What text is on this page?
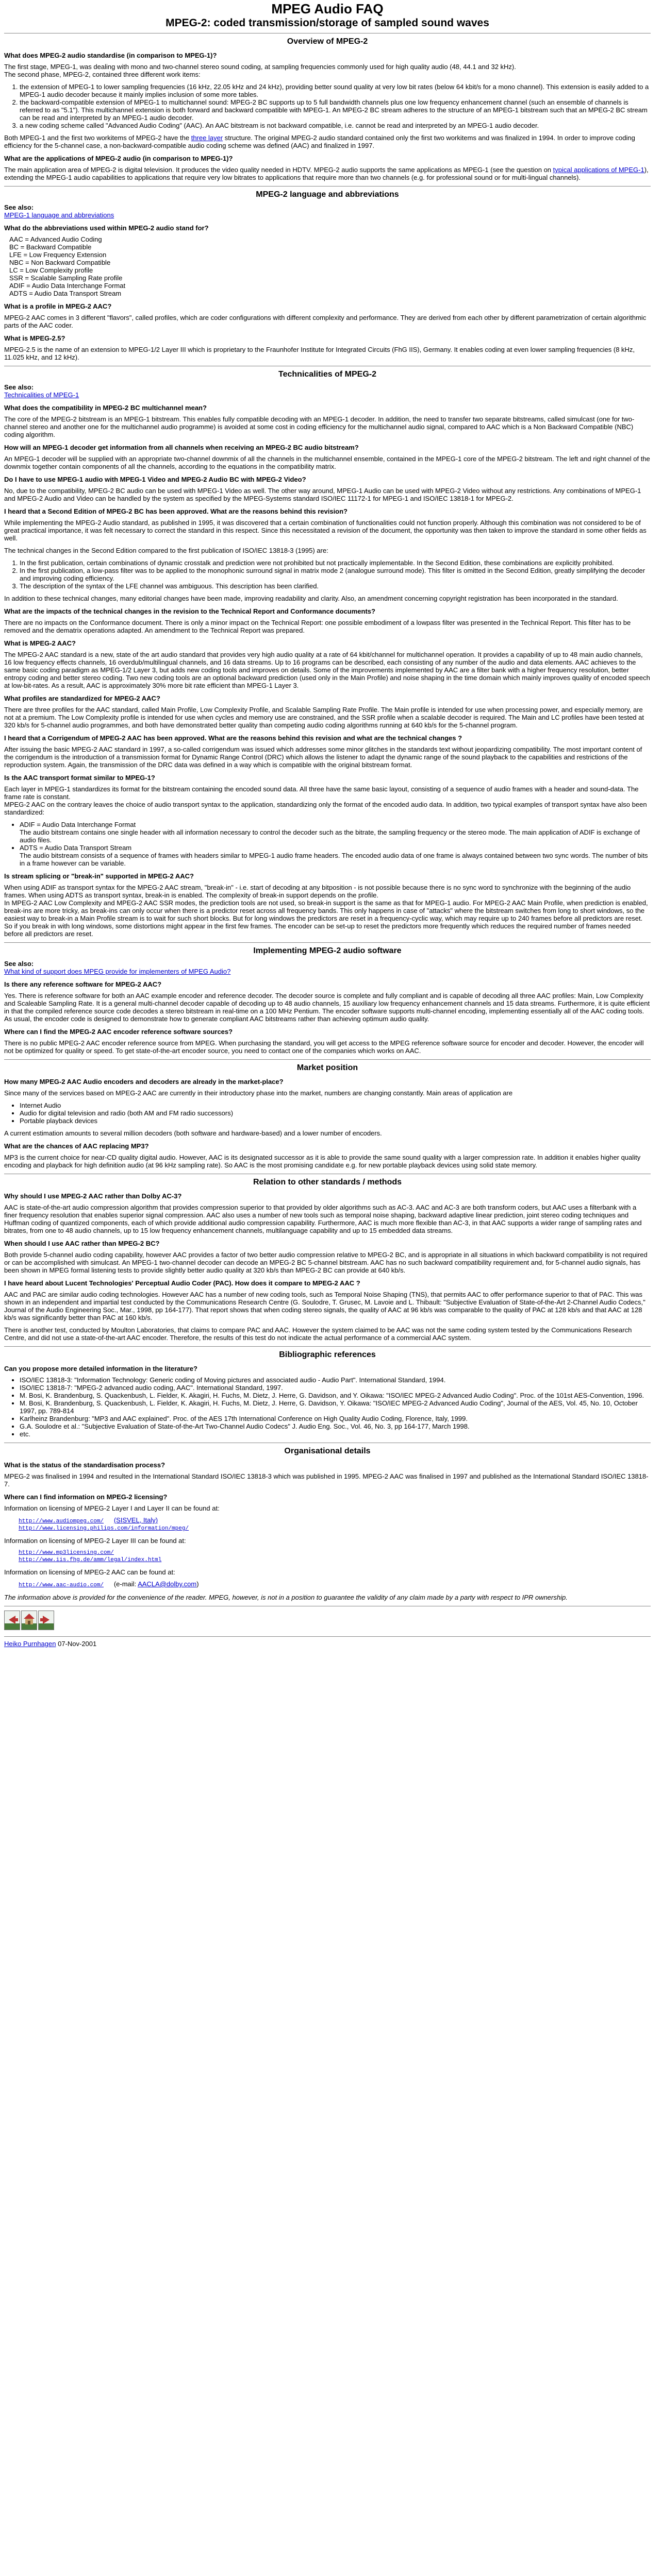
MPEG Audio FAQ
MPEG-2: coded transmission/storage of sampled sound waves
Overview of MPEG-2
What does MPEG-2 audio standardise (in comparison to MPEG-1)?

The first stage, MPEG-1, was dealing with mono and two-channel stereo sound coding, at sampling frequencies commonly used for high quality audio (48, 44.1 and 32 kHz).
The second phase, MPEG-2, contained three different work items:

1. the extension of MPEG-1 to lower sampling frequencies (16 kHz, 22.05 kHz and 24 kHz), providing better sound quality at very low bit rates (below 64 kbit/s for a mono channel). This extension is easily added to a MPEG-1 audio decoder because it mainly implies inclusion of some more tables.
2. the backward-compatible extension of MPEG-1 to multichannel sound: MPEG-2 BC supports up to 5 full bandwidth channels plus one low frequency enhancement channel (such an ensemble of channels is referred to as "5.1"). This multichannel extension is both forward and backward compatible with MPEG-1. An MPEG-2 BC stream adheres to the structure of an MPEG-1 bitstream such that an MPEG-2 BC stream can be read and interpreted by an MPEG-1 audio decoder.
3. a new coding scheme called "Advanced Audio Coding" (AAC). An AAC bitstream is not backward compatible, i.e. cannot be read and interpreted by an MPEG-1 audio decoder.

Both MPEG-1 and the first two workitems of MPEG-2 have the three layer structure. The original MPEG-2 audio standard contained only the first two workitems and was finalized in 1994. In order to improve coding efficiency for the 5-channel case, a non-backward-compatible audio coding scheme was defined (AAC) and finalized in 1997.

What are the applications of MPEG-2 audio (in comparison to MPEG-1)?

The main application area of MPEG-2 is digital television. It produces the video quality needed in HDTV. MPEG-2 audio supports the same applications as MPEG-1 (see the question on typical applications of MPEG-1), extending the MPEG-1 audio capabilities to applications that require very low bitrates to applications that require more than two channels (e.g. for professional sound or for multi-lingual channels).

MPEG-2 language and abbreviations

See also:
MPEG-1 language and abbreviations

What do the abbreviations used within MPEG-2 audio stand for?
AAC = Advanced Audio Coding
BC = Backward Compatible
LFE = Low Frequency Extension
NBC = Non Backward Compatible
LC = Low Complexity profile
SSR = Scalable Sampling Rate profile
ADIF = Audio Data Interchange Format
ADTS = Audio Data Transport Stream
What is a profile in MPEG-2 AAC?

MPEG-2 AAC comes in 3 different "flavors", called profiles, which are coder configurations with different complexity and performance. They are derived from each other by different parametrization of certain algorithmic parts of the AAC coder.

What is MPEG-2.5?

MPEG-2.5 is the name of an extension to MPEG-1/2 Layer III which is proprietary to the Fraunhofer Institute for Integrated Circuits (FhG IIS), Germany. It enables coding at even lower sampling frequencies (8 kHz, 11.025 kHz, and 12 kHz).

Technicalities of MPEG-2

See also:
Technicalities of MPEG-1

What does the compatibility in MPEG-2 BC multichannel mean?

The core of the MPEG-2 bitstream is an MPEG-1 bitstream. This enables fully compatible decoding with an MPEG-1 decoder. In addition, the need to transfer two separate bitstreams, called simulcast (one for two-channel stereo and another one for the multichannel audio programme) is avoided at some cost in coding efficiency for the multichannel audio signal, compared to AAC which is a Non Backward Compatible (NBC) coding algorithm.

How will an MPEG-1 decoder get information from all channels when receiving an MPEG-2 BC audio bitstream?

An MPEG-1 decoder will be supplied with an appropriate two-channel downmix of all the channels in the multichannel ensemble, contained in the MPEG-1 core of the MPEG-2 bitstream. The left and right channel of the downmix together contain components of all the channels, according to the equations in the compatibility matrix.

Do I have to use MPEG-1 audio with MPEG-1 Video and MPEG-2 Audio BC with MPEG-2 Video?

No, due to the compatibility, MPEG-2 BC audio can be used with MPEG-1 Video as well. The other way around, MPEG-1 Audio can be used with MPEG-2 Video without any restrictions. Any combinations of MPEG-1 and MPEG-2 Audio and Video can be handled by the system as specified by the MPEG-Systems standard ISO/IEC 11172-1 for MPEG-1 and ISO/IEC 13818-1 for MPEG-2.

I heard that a Second Edition of MPEG-2 BC has been approved. What are the reasons behind this revision?

While implementing the MPEG-2 Audio standard, as published in 1995, it was discovered that a certain combination of functionalities could not function properly. Although this combination was not considered to be of great practical importance, it was felt necessary to correct the standard in this respect. Since this necessitated a revision of the document, the opportunity was then taken to improve the standard in some other fields as well.

The technical changes in the Second Edition compared to the first publication of ISO/IEC 13818-3 (1995) are:

1. In the first publication, certain combinations of dynamic crosstalk and prediction were not prohibited but not practically implementable. In the Second Edition, these combinations are explicitly prohibited.
2. In the first publication, a low-pass filter was to be applied to the monophonic surround signal in matrix mode 2 (analogue surround mode). This filter is omitted in the Second Edition, greatly simplifying the decoder and improving coding efficiency.
3. The description of the syntax of the LFE channel was ambiguous. This description has been clarified.

In addition to these technical changes, many editorial changes have been made, improving readability and clarity. Also, an amendment concerning copyright registration has been incorporated in the standard.

What are the impacts of the technical changes in the revision to the Technical Report and Conformance documents?

There are no impacts on the Conformance document. There is only a minor impact on the Technical Report: one possible embodiment of a lowpass filter was presented in the Technical Report. This filter has to be removed and the dematrix operations adapted. An amendment to the Technical Report was prepared.

What is MPEG-2 AAC?

The MPEG-2 AAC standard is a new, state of the art audio standard that provides very high audio quality at a rate of 64 kbit/channel for multichannel operation. It provides a capability of up to 48 main audio channels, 16 low frequency effects channels, 16 overdub/multilingual channels, and 16 data streams. Up to 16 programs can be described, each consisting of any number of the audio and data elements. AAC achieves to the same basic coding paradigm as MPEG-1/2 Layer 3, but adds new coding tools and improves on details. Some of the improvements implemented by AAC are a filter bank with a higher frequency resolution, better entropy coding and better stereo coding. Two new coding tools are an optional backward prediction (used only in the Main Profile) and noise shaping in the time domain which mainly improves quality of encoded speech at low-bit-rates. As a result, AAC is approximately 30% more bit rate efficient than MPEG-1 Layer 3.

What profiles are standardized for MPEG-2 AAC?

There are three profiles for the AAC standard, called Main Profile, Low Complexity Profile, and Scalable Sampling Rate Profile. The Main profile is intended for use when processing power, and especially memory, are not at a premium. The Low Complexity profile is intended for use when cycles and memory use are constrained, and the SSR profile when a scalable decoder is required. The Main and LC profiles have been tested at 320 kb/s for 5-channel audio programmes, and both have demonstrated better quality than competing audio coding algorithms running at 640 kb/s for the 5-channel program.

I heard that a Corrigendum of MPEG-2 AAC has been approved. What are the reasons behind this revision and what are the technical changes ?

After issuing the basic MPEG-2 AAC standard in 1997, a so-called corrigendum was issued which addresses some minor glitches in the standards text without jeopardizing compatibility. The most important content of the corrigendum is the introduction of a transmission format for Dynamic Range Control (DRC) which allows the listener to adapt the dynamic range of the sound playback to the capabilities and restrictions of the reproduction system. Again, the transmission of the DRC data was defined in a way which is compatible with the original bitstream format.

Is the AAC transport format similar to MPEG-1?

Each layer in MPEG-1 standardizes its format for the bitstream containing the encoded sound data. All three have the same basic layout, consisting of a sequence of audio frames with a header and sound-data. The frame rate is constant.
MPEG-2 AAC on the contrary leaves the choice of audio transport syntax to the application, standardizing only the format of the encoded audio data. In addition, two typical examples of transport syntax have also been standardized:

• ADIF = Audio Data Interchange Format
The audio bitstream contains one single header with all information necessary to control the decoder such as the bitrate, the sampling frequency or the stereo mode. The main application of ADIF is exchange of audio files.
• ADTS = Audio Data Transport Stream
The audio bitstream consists of a sequence of frames with headers similar to MPEG-1 audio frame headers. The encoded audio data of one frame is always contained between two sync words. The number of bits in a frame however can be variable.
Is stream splicing or "break-in" supported in MPEG-2 AAC?

When using ADIF as transport syntax for the MPEG-2 AAC stream, "break-in" - i.e. start of decoding at any bitposition - is not possible because there is no sync word to synchronize with the beginning of the audio frames. When using ADTS as transport syntax, break-in is enabled. The complexity of break-in support depends on the profile.
In MPEG-2 AAC Low Complexity and MPEG-2 AAC SSR modes, the prediction tools are not used, so break-in support is the same as that for MPEG-1 audio. For MPEG-2 AAC Main Profile, when prediction is enabled, break-ins are more tricky, as break-ins can only occur when there is a predictor reset across all frequency bands. This only happens in case of "attacks" where the bitstream switches from long to short windows, so the easiest way to break-in a Main Profile stream is to wait for such short blocks. But for long windows the predictors are reset in a frequency-cyclic way, which may require up to 240 frames before all predictors are reset. So if you break in with long windows, some distortions might appear in the first few frames. The encoder can be set-up to reset the predictors more frequently which reduces the required number of frames needed before all predictors are reset.

Implementing MPEG-2 audio software

See also:
What kind of support does MPEG provide for implementers of MPEG Audio?

Is there any reference software for MPEG-2 AAC?

Yes. There is reference software for both an AAC example encoder and reference decoder. The decoder source is complete and fully compliant and is capable of decoding all three AAC profiles: Main, Low Complexity and Scaleable Sampling Rate. It is a general multi-channel decoder capable of decoding up to 48 audio channels, 15 auxiliary low frequency enhancement channels and 15 data streams. Furthermore, it is quite efficient in that the compiled reference source code decodes a stereo bitstream in real-time on a 100 MHz Pentium. The encoder software supports multi-channel encoding, implementing essentially all of the AAC coding tools. As usual, the encoder code is designed to demonstrate how to generate compliant AAC bitstreams rather than achieving optimum audio quality.

Where can I find the MPEG-2 AAC encoder reference software sources?

There is no public MPEG-2 AAC encoder reference source from MPEG. When purchasing the standard, you will get access to the MPEG reference software source for encoder and decoder. However, the encoder will not be optimized for quality or speed. To get state-of-the-art encoder source, you need to contact one of the companies which works on AAC.

Market position
How many MPEG-2 AAC Audio encoders and decoders are already in the market-place?

Since many of the services based on MPEG-2 AAC are currently in their introductory phase into the market, numbers are changing constantly. Main areas of application are

• Internet Audio
• Audio for digital television and radio (both AM and FM radio successors)
• Portable playback devices

A current estimation amounts to several million decoders (both software and hardware-based) and a lower number of encoders.

What are the chances of AAC replacing MP3?

MP3 is the current choice for near-CD quality digital audio. However, AAC is its designated successor as it is able to provide the same sound quality with a larger compression rate. In addition it enables higher quality encoding and playback for high definition audio (at 96 kHz sampling rate). So AAC is the most promising candidate e.g. for new portable playback devices using solid state memory.

Relation to other standards / methods
Why should I use MPEG-2 AAC rather than Dolby AC-3?

AAC is state-of-the-art audio compression algorithm that provides compression superior to that provided by older algorithms such as AC-3. AAC and AC-3 are both transform coders, but AAC uses a filterbank with a finer frequency resolution that enables superior signal compression. AAC also uses a number of new tools such as temporal noise shaping, backward adaptive linear prediction, joint stereo coding techniques and Huffman coding of quantized components, each of which provide additional audio compression capability. Furthermore, AAC is much more flexible than AC-3, in that AAC supports a wider range of sampling rates and bitrates, from one to 48 audio channels, up to 15 low frequency enhancement channels, multilanguage capability and up to 15 embedded data streams.

When should I use AAC rather than MPEG-2 BC?

Both provide 5-channel audio coding capability, however AAC provides a factor of two better audio compression relative to MPEG-2 BC, and is appropriate in all situations in which backward compatibility is not required or can be accomplished with simulcast. An MPEG-1 two-channel decoder can decode an MPEG-2 BC 5-channel bitstream. AAC has no such backward compatibility requirement and, for 5-channel audio signals, has been shown in MPEG formal listening tests to provide slightly better audio quality at 320 kb/s than MPEG-2 BC can provide at 640 kb/s.

I have heard about Lucent Technologies' Perceptual Audio Coder (PAC). How does it compare to MPEG-2 AAC ?

AAC and PAC are similar audio coding technologies. However AAC has a number of new coding tools, such as Temporal Noise Shaping (TNS), that permits AAC to offer performance superior to that of PAC. This was shown in an independent and impartial test conducted by the Communications Research Centre (G. Soulodre, T. Grusec, M. Lavoie and L. Thibault: "Subjective Evaluation of State-of-the-Art 2-Channel Audio Codecs," Journal of the Audio Engineering Soc., Mar., 1998, pp 164-177). That report shows that when coding stereo signals, the quality of AAC at 96 kb/s was comparable to the quality of PAC at 128 kb/s and that AAC at 128 kb/s was significantly better than PAC at 160 kb/s.

There is another test, conducted by Moulton Laboratories, that claims to compare PAC and AAC. However the system claimed to be AAC was not the same coding system tested by the Communications Research Centre, and did not use a state-of-the-art AAC encoder. Therefore, the results of this test do not indicate the actual performance of a commercial AAC system.

Bibliographic references
Can you propose more detailed information in the literature?
• ISO/IEC 13818-3: "Information Technology: Generic coding of Moving pictures and associated audio - Audio Part". International Standard, 1994.
• ISO/IEC 13818-7: "MPEG-2 advanced audio coding, AAC". International Standard, 1997.
• M. Bosi, K. Brandenburg, S. Quackenbush, L. Fielder, K. Akagiri, H. Fuchs, M. Dietz, J. Herre, G. Davidson, and Y. Oikawa: "ISO/IEC MPEG-2 Advanced Audio Coding". Proc. of the 101st AES-Convention, 1996.
• M. Bosi, K. Brandenburg, S. Quackenbush, L. Fielder, K. Akagiri, H. Fuchs, M. Dietz, J. Herre, G. Davidson, Y. Oikawa: "ISO/IEC MPEG-2 Advanced Audio Coding", Journal of the AES, Vol. 45, No. 10, October 1997, pp. 789-814
• Karlheinz Brandenburg: "MP3 and AAC explained". Proc. of the AES 17th International Conference on High Quality Audio Coding, Florence, Italy, 1999.
• G.A. Soulodre et al.: "Subjective Evaluation of State-of-the-Art Two-Channel Audio Codecs" J. Audio Eng. Soc., Vol. 46, No. 3, pp 164-177, March 1998.
• etc.
Organisational details
What is the status of the standardisation process?

MPEG-2 was finalised in 1994 and resulted in the International Standard ISO/IEC 13818-3 which was published in 1995. MPEG-2 AAC was finalised in 1997 and published as the International Standard ISO/IEC 13818-7.

Where can I find information on MPEG-2 licensing?

Information on licensing of MPEG-2 Layer I and Layer II can be found at:

http://www.audiompeg.com/ (SISVEL, Italy)
http://www.licensing.philips.com/information/mpeg/

Information on licensing of MPEG-2 Layer III can be found at:

http://www.mp3licensing.com/
http://www.iis.fhg.de/amm/legal/index.html

Information on licensing of MPEG-2 AAC can be found at:

http://www.aac-audio.com/ (e-mail: AACLA@dolby.com)

The information above is provided for the convenience of the reader. MPEG, however, is not in a position to guarantee the validity of any claim made by a party with respect to IPR ownership.

Heiko Purnhagen 07-Nov-2001
